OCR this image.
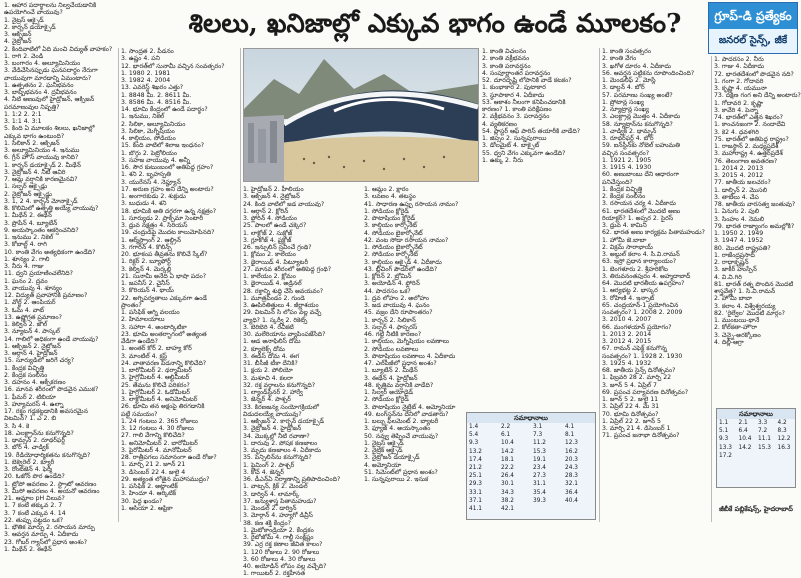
శిలలు, ఖనిజాల్లో ఎక్కువ భాగం ఉండే మూలకం?	గ్రూప్-డి ప్రత్యేకం
జనరల్ సైన్స్, జీకే
1. ఆహార పదార్థాలను నిల్వచేయడానికి
ఉపయోగించే వాయువు?
1. నైట్రస్ ఆక్సైడ్
2. కార్బన్ డయాక్సైడ్
3. ఆక్సిజన్
4. నైట్రోజన్
2. కిందివాటిలో ఏది మంచి విద్యుత్ వాహకం?
1. రాగి 2. వెండి
3. బంగారం 4. అల్యూమినియం
3. వేడిచేసినప్పుడు ఘనపదార్థం నేరుగా
వాయువుగా మారడాన్ని ఏమంటారు?
1. ఉత్పతనం 2. ఘనీభవనం
3. బాష్పీభవనం 4. ద్రవీభవనం
4. నీటి అణువులో హైడ్రోజన్, ఆక్సిజన్
పరమాణువుల నిష్పత్తి?
1. 1:2 2. 2:1
3. 1:1 4. 3:1
5. కింది ఏ మూలకం శిలలు, ఖనిజాల్లో
ఎక్కువ భాగం ఉంటుంది?
1. సిలికాన్ 2. ఆక్సిజన్
3. అల్యూమినియం 4. ఇనుము
6. గ్రీన్ హౌస్ వాయువు కానిది?
1. కార్బన్ డయాక్సైడ్ 2. మీథేన్
3. నైట్రోజన్ 4. నీటి ఆవిరి
7. ఆమ్ల వర్షానికి కారణమైనవి?
1. సల్ఫర్ ఆక్సైడ్లు
2. నైట్రోజన్ ఆక్సైడ్లు
3. 1, 2 4. కార్బన్ మోనాక్సైడ్
8. కొలిమిలో ఉత్పత్తి అయ్యే వాయువు?
1. మీథేన్ 2. ఈథేన్
3. ప్రొపేన్ 4. బ్యూటేన్
9. అయస్కాంతం ఆకర్షించనిది?
1. ఇనుము 2. నికెల్
3. కోబాల్ట్ 4. రాగి
10. కాంతి వేగం అత్యధికంగా ఉండేది?
1. శూన్యం 2. గాలి
3. నీరు 4. గాజు
11. ధ్వని ప్రయాణించలేనిది?
1. ఘనం 2. ద్రవం
3. వాయువు 4. శూన్యం
12. విద్యుత్ ప్రవాహానికి ప్రమాణం?
1. వోల్ట్ 2. ఆంపియర్
3. ఓమ్ 4. వాట్
13. ఉష్ణోగ్రత ప్రమాణం?
1. కెల్విన్ 2. జౌల్
3. న్యూటన్ 4. పాస్కల్
14. గాలిలో అధికంగా ఉండే వాయువు?
1. ఆక్సిజన్ 2. నైట్రోజన్
3. ఆర్గాన్ 4. హైడ్రోజన్
15. సూర్యుడిలో జరిగే చర్య?
1. కేంద్రక విచ్ఛిత్తి
2. కేంద్రక సంలీనం
3. దహనం 4. ఆక్సీకరణం
16. మానవ శరీరంలో పొడవైన ఎముక?
1. ఫీమర్ 2. టిబియా
3. హ్యూమరస్ 4. ఉల్నా
17. రక్తం గడ్డకట్టడానికి అవసరమైన
విటమిన్? 1. ఎ 2. బి
3. సి 4. కె
18. ఎలక్ట్రాన్‌ను కనుగొన్నది?
1. థామ్సన్ 2. రూథర్‌ఫర్డ్
3. బోర్ 4. చాడ్విక్
19. రేడియోధార్మికతను కనుగొన్నది?
1. బెక్వెరెల్ 2. క్యూరీ
3. రోంట్‌జెన్ 4. ఫెర్మీ
20. ఓజోన్ పొర ఉండేది?
1. ట్రోపో ఆవరణం 2. స్ట్రాటో ఆవరణం
3. మీసో ఆవరణం 4. అయనో ఆవరణం
21. ఆమ్లాల pH విలువ?
1. 7 కంటే తక్కువ 2. 7
3. 7 కంటే ఎక్కువ 4. 14
22. తుప్పు పట్టడం ఒక?
1. భౌతిక మార్పు 2. రసాయన మార్పు
3. ఆవర్తన మార్పు 4. ఏదీకాదు
23. గోబర్ గ్యాస్‌లో ప్రధాన అంశం?
1. మీథేన్ 2. ఈథేన్
1. సాంద్రత 2. పీడనం
3. ఉష్ణం 4. పని
12. భారత్‌లో సునామీ వచ్చిన సంవత్సరం?
1. 1980 2. 1981
3. 1982 4. 2004
13. ఎవరెస్ట్ శిఖరం ఎత్తు?
1. 8848 మీ. 2. 8611 మీ.
3. 8586 మీ. 4. 8516 మీ.
14. భూమి కేంద్రంలో ఉండే పదార్థం?
1. ఇనుము, నికెల్
2. సిలికా, అల్యూమినియం
3. సిలికా, మెగ్నీషియం
4. కాల్షియం, సోడియం
15. కింది వాటిలో శిలాజ ఇంధనం?
1. బొగ్గు 2. పెట్రోలియం
3. సహజ వాయువు 4. అన్నీ
16. సౌర కుటుంబంలో అతిపెద్ద గ్రహం?
1. శని 2. బృహస్పతి
3. యురేనస్ 4. నెప్ట్యూన్
17. అరుణ గ్రహం అని దేన్ని అంటారు?
1. అంగారకుడు 2. శుక్రుడు
3. బుధుడు 4. శని
18. భూమికి అతి దగ్గరగా ఉన్న నక్షత్రం?
1. సూర్యుడు 2. ప్రాక్సిమా సెంటారీ
3. ధ్రువ నక్షత్రం 4. సిరియస్
19. చంద్రుడిపై మొదట కాలుమోపినది?
1. ఆర్మ్‌స్ట్రాంగ్ 2. ఆల్డ్రిన్
3. గగారిన్ 4. కొలిన్స్
20. భూకంప తీవ్రతను కొలిచే స్కేల్?
1. రిక్టర్ 2. బ్యూఫోర్ట్
3. కెల్విన్ 4. మెర్కల్లి
21. సునామీ అనేది ఏ భాషా పదం?
1. జపనీస్ 2. చైనీస్
3. కొరియన్ 4. థాయ్
22. అగ్నిపర్వతాలు ఎక్కువగా ఉండే
ప్రాంతం?
1. పసిఫిక్ అగ్ని వలయం
2. హిమాలయాలు
3. సహారా 4. అంటార్కిటికా
23. భూమి అంతర్భాగంలో అత్యంత
వేడిగా ఉండేది?
1. అంతర్ కోర్ 2. బాహ్య కోర్
3. మాంటిల్ 4. క్రస్ట్
24. వాతావరణ పీడనాన్ని కొలిచేది?
1. బారోమీటర్ 2. థర్మామీటర్
3. హైగ్రోమీటర్ 4. ఆల్టిమీటర్
25. తేమను కొలిచే పరికరం?
1. హైగ్రోమీటర్ 2. ఓడోమీటర్
3. లాక్టోమీటర్ 4. అనిమోమీటర్
26. భూమి తన అక్షంపై తిరగడానికి
పట్టే సమయం?
1. 24 గంటలు 2. 365 రోజులు
3. 12 గంటలు 4. 30 రోజులు
27. గాలి వేగాన్ని కొలిచేది?
1. అనిమోమీటర్ 2. బారోమీటర్
3. పైరోమీటర్ 4. మానోమీటర్
28. రాత్రీపగలు సమానంగా ఉండే రోజు?
1. మార్చి 21 2. జూన్ 21
3. డిసెంబర్ 22 4. జులై 4
29. అత్యంత లోతైన మహాసముద్రం?
1. పసిఫిక్ 2. అట్లాంటిక్
3. హిందూ 4. ఆర్కిటిక్
30. పెద్ద ఖండం?
1. ఆసియా 2. ఆఫ్రికా
1. కాంతి విచలనం
2. కాంతి వక్రీభవనం
3. కాంతి పరావర్తనం
4. సంపూర్ణాంతర పరావర్తనం
52. దూరదృష్టి లోపానికి వాడే కటకం?
1. కుంభాకార 2. పుటాకార
3. స్థూపాకార 4. ఏదీకాదు
53. ఆకాశం నీలంగా కనిపించడానికి
కారణం? 1. కాంతి పరిక్షేపణం
2. వక్రీభవనం 3. పరావర్తనం
4. వ్యతికరణం
54. ప్లాస్టర్ ఆఫ్ పారిస్ తయారీకి వాడేది?
1. జిప్సం 2. సున్నపురాయి
3. డోలమైట్ 4. బాక్సైట్
55. ధ్వని వేగం ఎక్కువగా ఉండేది?
1. ఉక్కు 2. నీరు
1. హైడ్రోజన్ 2. హీలియం
3. ఆక్సిజన్ 4. నైట్రోజన్
24. కింది వాటిలో జడ వాయువు?
1. ఆర్గాన్ 2. క్లోరిన్
3. ఫ్లోరిన్ 4. సోడియం
25. పాలలో ఉండే చక్కెర?
1. లాక్టోజ్ 2. సుక్రోజ్
3. గ్లూకోజ్ 4. ఫ్రక్టోజ్
26. ఇన్సులిన్ స్రవించే గ్రంథి?
1. క్లోమం 2. కాలేయం
3. థైరాయిడ్ 4. పిట్యూటరీ
27. మానవ శరీరంలో అతిపెద్ద గ్రంథి?
1. కాలేయం 2. క్లోమం
3. థైరాయిడ్ 4. అడ్రినల్
28. రక్తాన్ని శుద్ధి చేసే అవయవం?
1. మూత్రపిండం 2. గుండె
3. ఊపిరితిత్తులు 4. జీర్ణాశయం
29. విటమిన్ సి లోపం వల్ల వచ్చే
వ్యాధి? 1. స్కర్వీ 2. రికెట్స్
3. బెరిబెరి 4. రేచీకటి
30. మలేరియాను వ్యాపింపజేసేది?
1. ఆడ అనాఫిలిస్ దోమ
2. క్యూలెక్స్ దోమ
3. ఈడిస్ దోమ 4. ఈగ
31. బీసీజీ టీకా దేనికి?
1. క్షయ 2. పోలియో
3. మశూచి 4. కలరా
32. రక్త వర్గాలను కనుగొన్నది?
1. ల్యాండ్‌స్టీనర్ 2. హార్వే
3. జెన్నర్ 4. పాశ్చర్
33. కిరణజన్య సంయోగక్రియలో
విడుదలయ్యే వాయువు?
1. ఆక్సిజన్ 2. కార్బన్ డయాక్సైడ్
3. నైట్రోజన్ 4. హైడ్రోజన్
34. మొక్కల్లో నీటి రవాణా?
1. దారువు 2. పోషక కణజాలం
3. మృదు కణజాలం 4. ఏదీకాదు
35. పెన్సిలిన్‌ను కనుగొన్నది?
1. ఫ్లెమింగ్ 2. పాశ్చర్
3. కోచ్ 4. జెన్నర్
36. డీఎన్ఏ నిర్మాణాన్ని ప్రతిపాదించింది?
1. వాట్సన్, క్రిక్ 2. మెండల్
3. డార్విన్ 4. లామార్క్
37. జన్యుశాస్త్ర పితామహుడు?
1. మెండల్ 2. డార్విన్
3. మోర్గాన్ 4. హ్యూగో డివ్రీస్
38. కణ శక్తి కేంద్రం?
1. మైటోకాండ్రియా 2. కేంద్రకం
3. రైబోజోమ్ 4. గాల్జీ సంక్లిష్టం
39. ఎర్ర రక్త కణాల జీవిత కాలం?
1. 120 రోజులు 2. 90 రోజులు
3. 60 రోజులు 4. 30 రోజులు
40. అయోడిన్ లోపం వల్ల వచ్చేది?
1. గాయిటర్ 2. రక్తహీనత
1. ఆమ్లం 2. క్షారం
3. లవణం 4. తటస్థం
41. సాధారణ ఉప్పు రసాయన నామం?
1. సోడియం క్లోరైడ్
2. పొటాషియం క్లోరైడ్
3. కాల్షియం కార్బోనేట్
4. సోడియం బైకార్బోనేట్
42. వంట సోడా రసాయన నామం?
1. సోడియం బైకార్బోనేట్
2. సోడియం కార్బోనేట్
3. కాల్షియం ఆక్సైడ్ 4. ఏదీకాదు
43. బ్లీచింగ్ పౌడర్‌లో ఉండేది?
1. క్లోరిన్ 2. బ్రోమిన్
3. అయోడిన్ 4. ఫ్లోరిన్
44. పాదరసం ఒక?
1. ద్రవ లోహం 2. అలోహం
3. జడ వాయువు 4. ఘనం
45. వజ్రం దేని రూపాంతరం?
1. కార్బన్ 2. సిలికాన్
3. సల్ఫర్ 4. ఫాస్ఫరస్
46. గట్టి నీటికి కారణం?
1. కాల్షియం, మెగ్నీషియం లవణాలు
2. సోడియం లవణాలు
3. పొటాషియం లవణాలు 4. ఏదీకాదు
47. ఎల్‌పీజీలో ప్రధాన అంశం?
1. బ్యూటేన్ 2. మీథేన్
3. ఈథేన్ 4. హైడ్రోజన్
48. కృత్రిమ వర్షానికి వాడేది?
1. సిల్వర్ అయోడైడ్
2. సోడియం క్లోరైడ్
3. పొటాషియం నైట్రేట్ 4. అమ్మోనియా
49. టంగ్‌స్టన్‌ను దేనిలో వాడతారు?
1. బల్బు ఫిలమెంట్ 2. బ్యాటరీ
3. ఫ్యూజ్ 4. అయస్కాంతం
50. నవ్వు తెప్పించే వాయువు?
1. నైట్రస్ ఆక్సైడ్
2. నైట్రిక్ ఆక్సైడ్
3. నైట్రోజన్ డయాక్సైడ్
4. అమ్మోనియా
51. సిమెంట్‌లో ప్రధాన అంశం?
1. సున్నపురాయి 2. ఇసుక
1. కాంతి సంవత్సరం
2. కాంతి వేగం
3. ఖగోళ దూరం 4. ఏదీకాదు
56. ఆవర్తన పట్టికను రూపొందించింది?
1. మెండలీఫ్ 2. మోస్లే
3. డాల్టన్ 4. బోర్
57. పరమాణు సంఖ్య అంటే?
1. ప్రోటాన్ల సంఖ్య
2. న్యూట్రాన్ల సంఖ్య
3. ఎలక్ట్రాన్ల మొత్తం 4. ఏదీకాదు
58. న్యూట్రాన్‌ను కనుగొన్నది?
1. చాడ్విక్ 2. థామ్సన్
3. రూథర్‌ఫర్డ్ 4. బోర్
59. ఐన్‌స్టీన్‌కు నోబెల్ బహుమతి
వచ్చిన సంవత్సరం?
1. 1921 2. 1905
3. 1915 4. 1930
60. అణుబాంబు దేని ఆధారంగా
పనిచేస్తుంది?
1. కేంద్రక విచ్ఛిత్తి
2. కేంద్రక సంలీనం
3. రసాయన చర్య 4. ఏదీకాదు
61. భారతదేశంలో మొదటి అణు
రియాక్టర్? 1. అప్సర 2. సైరస్
3. ధ్రువ 4. కామిని
62. భారత అణు కార్యక్రమ పితామహుడు?
1. హోమీ జె.బాబా
2. విక్రమ్ సారాభాయ్
3. అబ్దుల్ కలాం 4. సి.వి.రామన్
63. ఇస్రో ప్రధాన కార్యాలయం?
1. బెంగళూరు 2. శ్రీహరికోట
3. తిరువనంతపురం 4. అహ్మదాబాద్
64. మొదటి భారతీయ ఉపగ్రహం?
1. ఆర్యభట్ట 2. భాస్కర
3. రోహిణి 4. ఇన్సాట్
65. చంద్రయాన్-1 ప్రయోగించిన
సంవత్సరం? 1. 2008 2. 2009
3. 2010 4. 2007
66. మంగళయాన్ ప్రయోగం?
1. 2013 2. 2014
3. 2012 4. 2015
67. రామన్ ఎఫెక్ట్ కనుగొన్న
సంవత్సరం? 1. 1928 2. 1930
3. 1925 4. 1932
68. జాతీయ సైన్స్ దినోత్సవం?
1. ఫిబ్రవరి 28 2. మార్చి 22
3. జూన్ 5 4. ఏప్రిల్ 7
69. ప్రపంచ పర్యావరణ దినోత్సవం?
1. జూన్ 5 2. జులై 11
3. ఏప్రిల్ 22 4. మే 31
70. భూమి దినోత్సవం?
1. ఏప్రిల్ 22 2. జూన్ 5
3. మార్చి 21 4. డిసెంబర్ 1
71. ప్రపంచ జనాభా దినోత్సవం?
1. పాదరసం 2. నీరు
3. గాజు 4. ఏదీకాదు
72. భారతదేశంలో పొడవైన నది?
1. గంగా 2. గోదావరి
3. కృష్ణా 4. యమునా
73. దక్షిణ గంగ అని దేన్ని అంటారు?
1. గోదావరి 2. కృష్ణా
3. కావేరి 4. పెన్నా
74. భారత్‌లో ఎత్తైన శిఖరం?
1. కాంచనజంగా 2. నందాదేవి
3. కె2 4. ధవళగిరి
75. భారత్‌లో అతిపెద్ద రాష్ట్రం?
1. రాజస్థాన్ 2. మధ్యప్రదేశ్
3. మహారాష్ట్ర 4. ఉత్తర్‌ప్రదేశ్
76. తెలంగాణ అవతరణ?
1. 2014 2. 2013
3. 2015 4. 2012
77. జాతీయ జలచరం?
1. డాల్ఫిన్ 2. మొసలి
3. తాబేలు 4. చేప
78. జాతీయ వారసత్వ జంతువు?
1. ఏనుగు 2. పులి
3. సింహం 4. నెమలి
79. భారత రాజ్యాంగం అమల్లోకి?
1. 1950 2. 1949
3. 1947 4. 1952
80. మొదటి రాష్ట్రపతి?
1. రాజేంద్రప్రసాద్
2. రాధాకృష్ణన్
3. జాకీర్ హుస్సేన్
4. వి.వి.గిరి
81. భారత్ రత్న పొందిన మొదటి
శాస్త్రవేత్త? 1. సి.వి.రామన్
2. హోమీ బాబా
3. కలాం 4. విశ్వేశ్వరయ్య
82. 'రైల్వేల' మొదటి మార్గం?
1. ముంబయి-థానే
2. కోల్‌కతా-హౌరా
3. చెన్నై-అరక్కోణం
4. దిల్లీ-ఆగ్రా
సమాధానాలు
1.4	2.2	3.1	4.1
5.4	6.1	7.3	8.1
9.3	10.4	11.2	12.3
13.2	14.2	15.3	16.2
17.4	18.1	19.1	20.3
21.2	22.2	23.4	24.3
25.1	26.4	27.3	28.3
29.3	30.1	31.1	32.1
33.1	34.3	35.4	36.4
37.1	38.2	39.3	40.4
41.1	42.1		
సమాధానాలు
1.1	2.1	3.3	4.2
5.1	6.4	7.2	8.3
9.3	10.4	11.1	12.2
13.3	14.2	15.3	16.3
17.2			
జీబీకే పబ్లికేషన్స్, హైదరాబాద్
